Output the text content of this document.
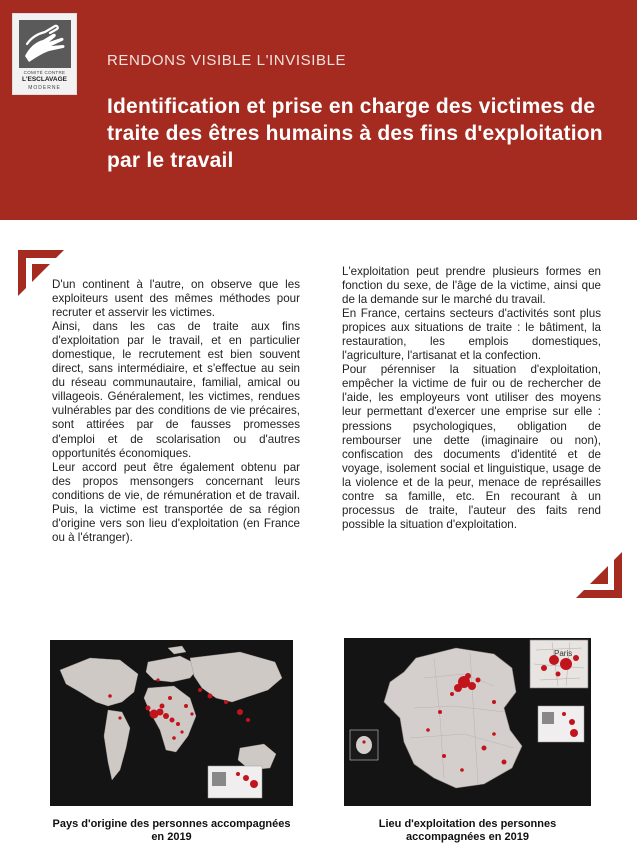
COMITÉ CONTRE
L'ESCLAVAGE
MODERNE
RENDONS VISIBLE L'INVISIBLE
Identification et prise en charge des victimes de traite des êtres humains à des fins d'exploitation par le travail

D'un continent à l'autre, on observe que les exploiteurs usent des mêmes méthodes pour recruter et asservir les victimes.

Ainsi, dans les cas de traite aux fins d'exploitation par le travail, et en particulier domestique, le recrutement est bien souvent direct, sans intermédiaire, et s'effectue au sein du réseau communautaire, familial, amical ou villageois. Généralement, les victimes, rendues vulnérables par des conditions de vie précaires, sont attirées par de fausses promesses d'emploi et de scolarisation ou d'autres opportunités économiques.

Leur accord peut être également obtenu par des propos mensongers concernant leurs conditions de vie, de rémunération et de travail. Puis, la victime est transportée de sa région d'origine vers son lieu d'exploitation (en France ou à l'étranger).

L'exploitation peut prendre plusieurs formes en fonction du sexe, de l'âge de la victime, ainsi que de la demande sur le marché du travail.

En France, certains secteurs d'activités sont plus propices aux situations de traite : le bâtiment, la restauration, les emplois domestiques, l'agriculture, l'artisanat et la confection.

Pour pérenniser la situation d'exploitation, empêcher la victime de fuir ou de rechercher de l'aide, les employeurs vont utiliser des moyens leur permettant d'exercer une emprise sur elle : pressions psychologiques, obligation de rembourser une dette (imaginaire ou non), confiscation des documents d'identité et de voyage, isolement social et linguistique, usage de la violence et de la peur, menace de représailles contre sa famille, etc. En recourant à un processus de traite, l'auteur des faits rend possible la situation d'exploitation.

Paris
Pays d'origine des personnes accompagnées en 2019
Lieu d'exploitation des personnes accompagnées en 2019
